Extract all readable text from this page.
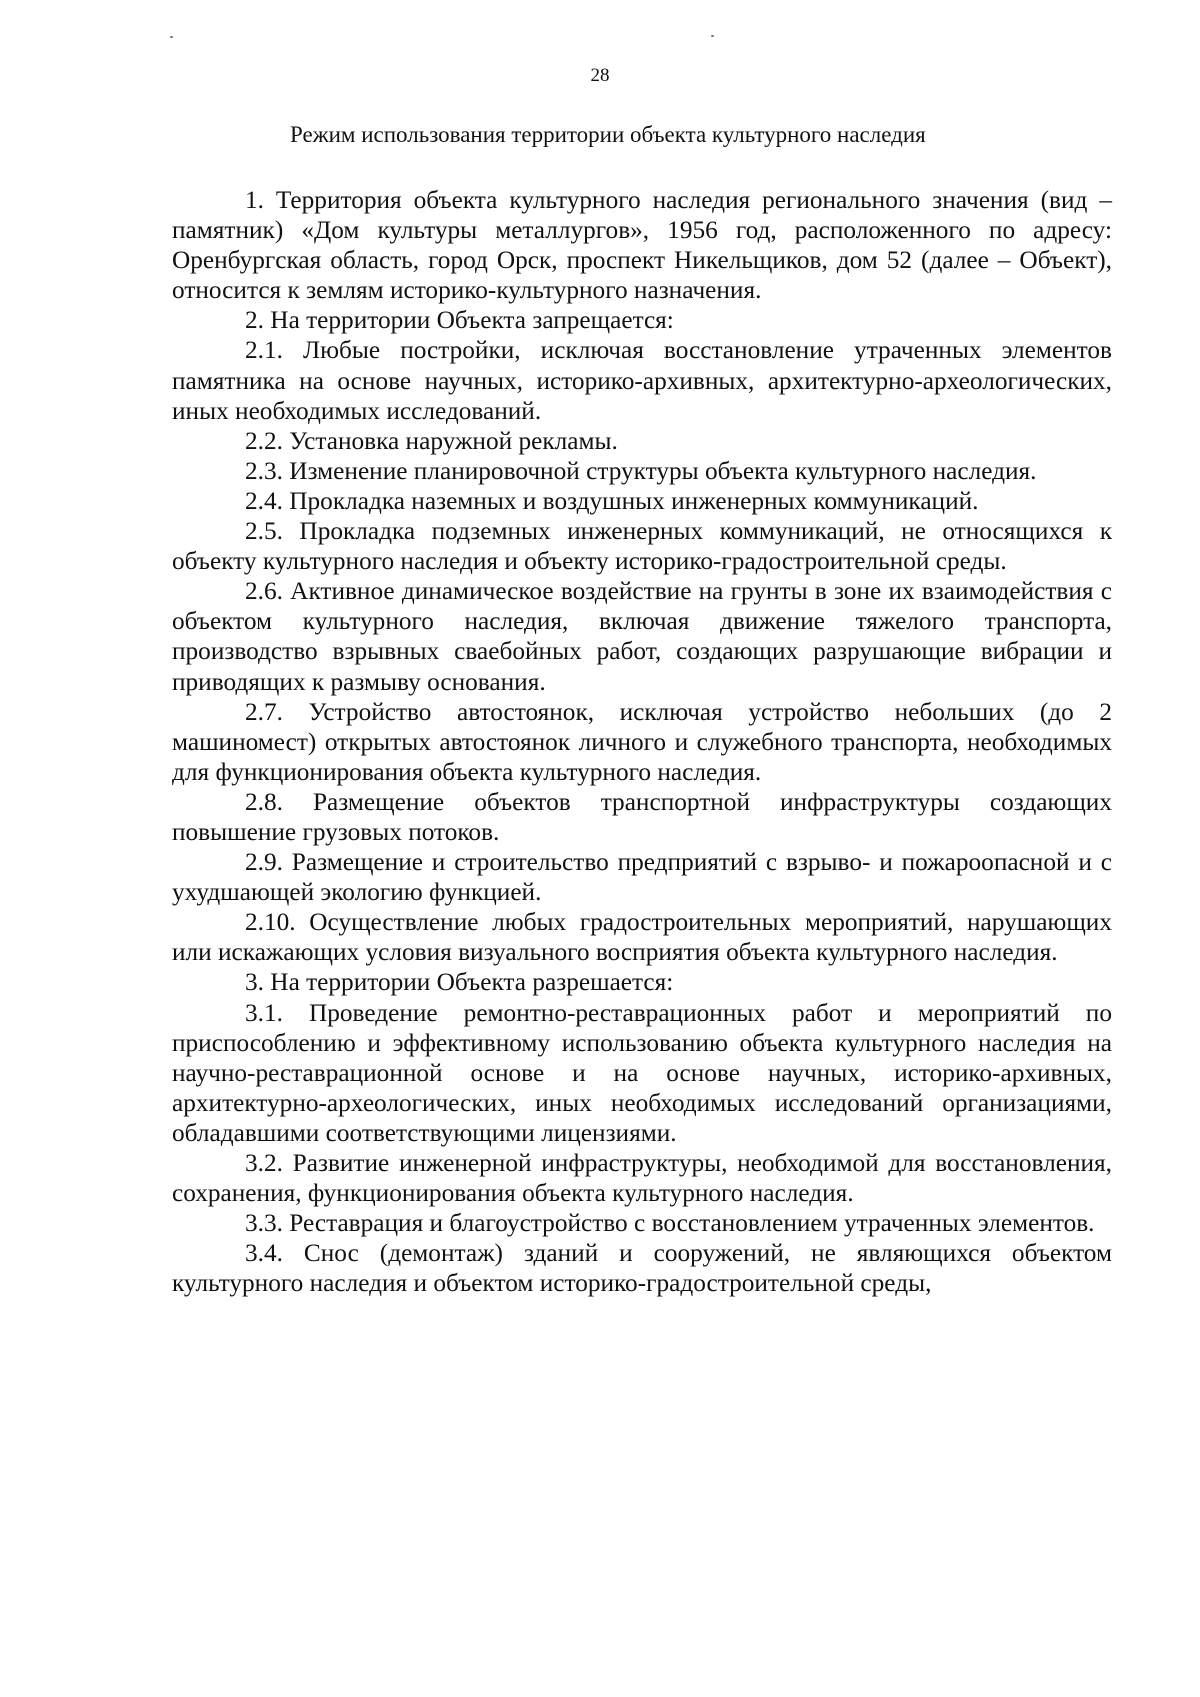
28
Режим использования территории объекта культурного наследия

1. Территория объекта культурного наследия регионального значения (вид – памятник) «Дом культуры металлургов», 1956 год, расположенного по адресу: Оренбургская область, город Орск, проспект Никельщиков, дом 52 (далее – Объект), относится к землям историко-культурного назначения.

2. На территории Объекта запрещается:

2.1. Любые постройки, исключая восстановление утраченных элементов памятника на основе научных, историко-архивных, архитектурно-археологических, иных необходимых исследований.

2.2. Установка наружной рекламы.

2.3. Изменение планировочной структуры объекта культурного наследия.

2.4. Прокладка наземных и воздушных инженерных коммуникаций.

2.5. Прокладка подземных инженерных коммуникаций, не относящихся к объекту культурного наследия и объекту историко-градостроительной среды.

2.6. Активное динамическое воздействие на грунты в зоне их взаимодействия с объектом культурного наследия, включая движение тяжелого транспорта, производство взрывных сваебойных работ, создающих разрушающие вибрации и приводящих к размыву основания.

2.7. Устройство автостоянок, исключая устройство небольших (до 2 машиномест) открытых автостоянок личного и служебного транспорта, необходимых для функционирования объекта культурного наследия.

2.8. Размещение объектов транспортной инфраструктуры создающих повышение грузовых потоков.

2.9. Размещение и строительство предприятий с взрыво- и пожароопасной и с ухудшающей экологию функцией.

2.10. Осуществление любых градостроительных мероприятий, нарушающих или искажающих условия визуального восприятия объекта культурного наследия.

3. На территории Объекта разрешается:

3.1. Проведение ремонтно-реставрационных работ и мероприятий по приспособлению и эффективному использованию объекта культурного наследия на научно-реставрационной основе и на основе научных, историко-архивных, архитектурно-археологических, иных необходимых исследований организациями, обладавшими соответствующими лицензиями.

3.2. Развитие инженерной инфраструктуры, необходимой для восстановления, сохранения, функционирования объекта культурного наследия.

3.3. Реставрация и благоустройство с восстановлением утраченных элементов.

3.4. Снос (демонтаж) зданий и сооружений, не являющихся объектом культурного наследия и объектом историко-градостроительной среды,
